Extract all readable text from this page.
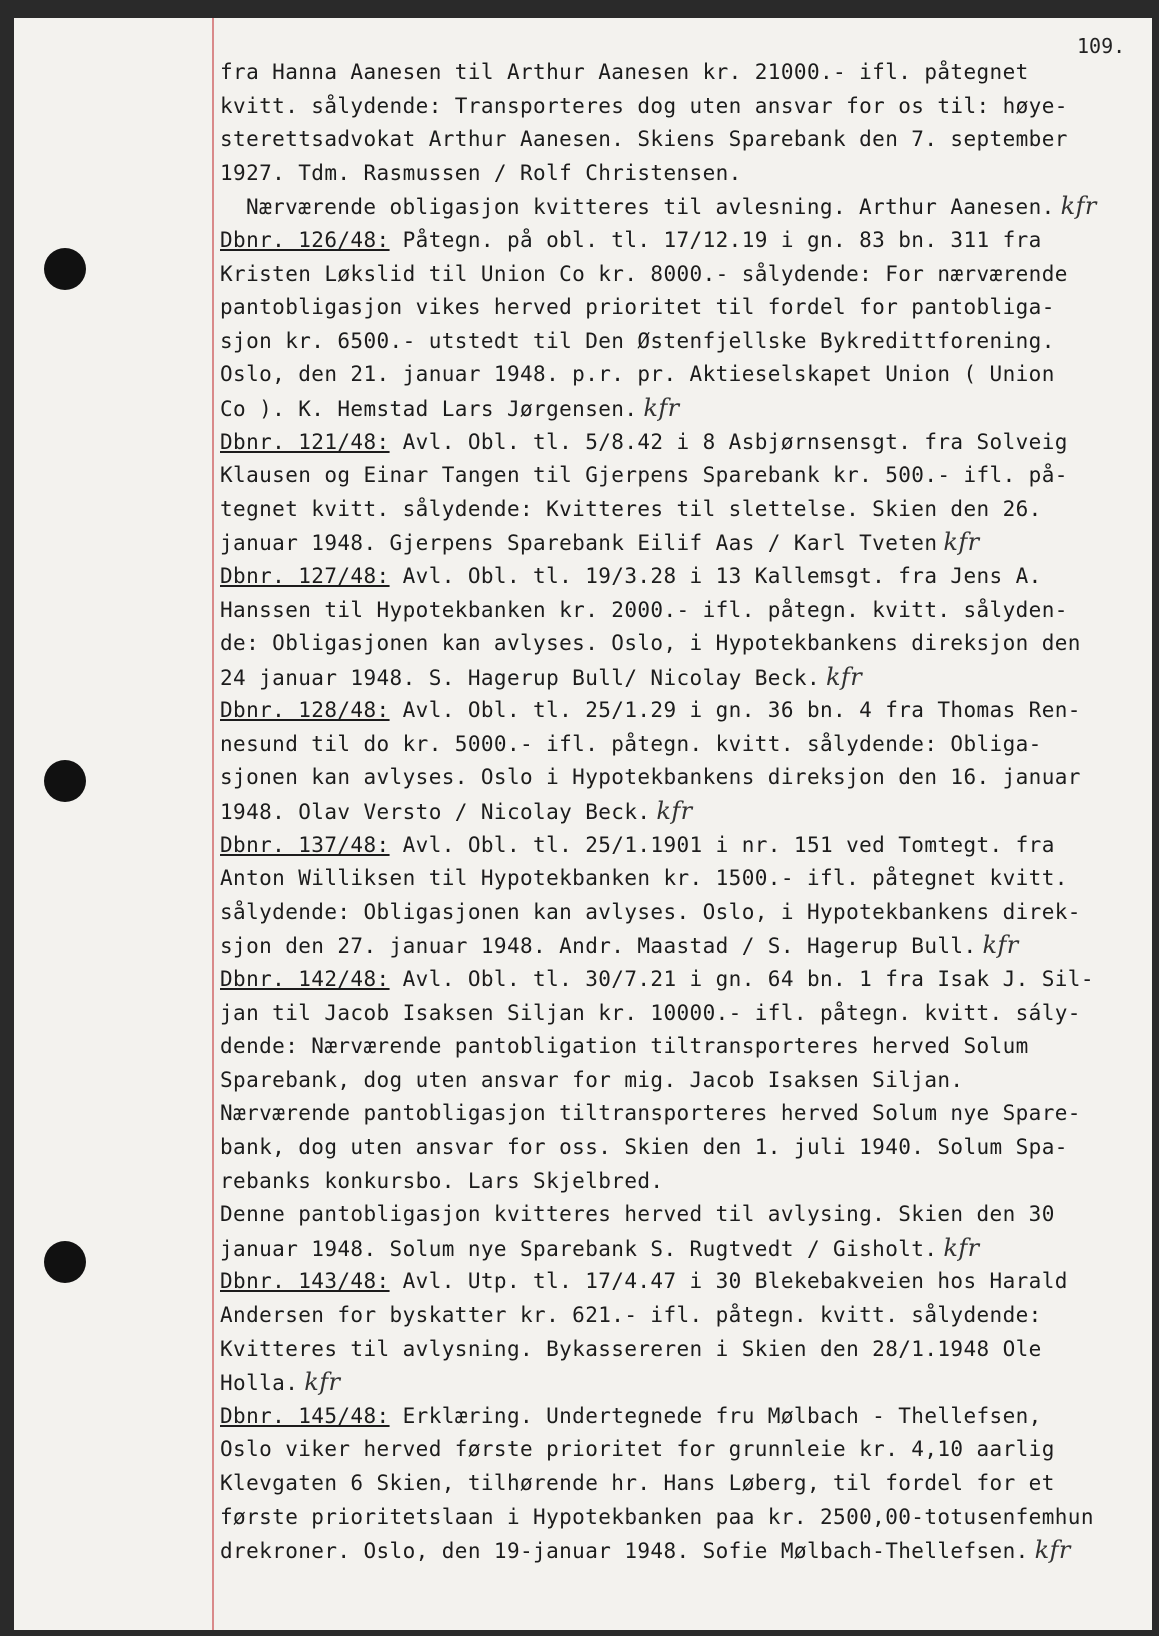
109.
fra Hanna Aanesen til Arthur Aanesen kr. 21000.- ifl. påtegnet
kvitt. sålydende: Transporteres dog uten ansvar for os til: høye-
sterettsadvokat Arthur Aanesen. Skiens Sparebank den 7. september
1927. Tdm. Rasmussen / Rolf Christensen.
Nærværende obligasjon kvitteres til avlesning. Arthur Aanesen. kfr
Dbnr. 126/48: Påtegn. på obl. tl. 17/12.19 i gn. 83 bn. 311 fra
Kristen Løkslid til Union Co kr. 8000.- sålydende: For nærværende
pantobligasjon vikes herved prioritet til fordel for pantobliga-
sjon kr. 6500.- utstedt til Den Østenfjellske Bykredittforening.
Oslo, den 21. januar 1948. p.r. pr. Aktieselskapet Union ( Union
Co ). K. Hemstad Lars Jørgensen. kfr
Dbnr. 121/48: Avl. Obl. tl. 5/8.42 i 8 Asbjørnsensgt. fra Solveig
Klausen og Einar Tangen til Gjerpens Sparebank kr. 500.- ifl. på-
tegnet kvitt. sålydende: Kvitteres til slettelse. Skien den 26.
januar 1948. Gjerpens Sparebank Eilif Aas / Karl Tveten kfr
Dbnr. 127/48: Avl. Obl. tl. 19/3.28 i 13 Kallemsgt. fra Jens A.
Hanssen til Hypotekbanken kr. 2000.- ifl. påtegn. kvitt. sålyden-
de: Obligasjonen kan avlyses. Oslo, i Hypotekbankens direksjon den
24 januar 1948. S. Hagerup Bull/ Nicolay Beck. kfr
Dbnr. 128/48: Avl. Obl. tl. 25/1.29 i gn. 36 bn. 4 fra Thomas Ren-
nesund til do kr. 5000.- ifl. påtegn. kvitt. sålydende: Obliga-
sjonen kan avlyses. Oslo i Hypotekbankens direksjon den 16. januar
1948. Olav Versto / Nicolay Beck. kfr
Dbnr. 137/48: Avl. Obl. tl. 25/1.1901 i nr. 151 ved Tomtegt. fra
Anton Williksen til Hypotekbanken kr. 1500.- ifl. påtegnet kvitt.
sålydende: Obligasjonen kan avlyses. Oslo, i Hypotekbankens direk-
sjon den 27. januar 1948. Andr. Maastad / S. Hagerup Bull. kfr
Dbnr. 142/48: Avl. Obl. tl. 30/7.21 i gn. 64 bn. 1 fra Isak J. Sil-
jan til Jacob Isaksen Siljan kr. 10000.- ifl. påtegn. kvitt. sály-
dende: Nærværende pantobligation tiltransporteres herved Solum
Sparebank, dog uten ansvar for mig. Jacob Isaksen Siljan.
Nærværende pantobligasjon tiltransporteres herved Solum nye Spare-
bank, dog uten ansvar for oss. Skien den 1. juli 1940. Solum Spa-
rebanks konkursbo. Lars Skjelbred.
Denne pantobligasjon kvitteres herved til avlysing. Skien den 30
januar 1948. Solum nye Sparebank S. Rugtvedt / Gisholt. kfr
Dbnr. 143/48: Avl. Utp. tl. 17/4.47 i 30 Blekebakveien hos Harald
Andersen for byskatter kr. 621.- ifl. påtegn. kvitt. sålydende:
Kvitteres til avlysning. Bykassereren i Skien den 28/1.1948 Ole
Holla. kfr
Dbnr. 145/48: Erklæring. Undertegnede fru Mølbach - Thellefsen,
Oslo viker herved første prioritet for grunnleie kr. 4,10 aarlig
Klevgaten 6 Skien, tilhørende hr. Hans Løberg, til fordel for et
første prioritetslaan i Hypotekbanken paa kr. 2500,00-totusenfemhun
drekroner. Oslo, den 19-januar 1948. Sofie Mølbach-Thellefsen. kfr
